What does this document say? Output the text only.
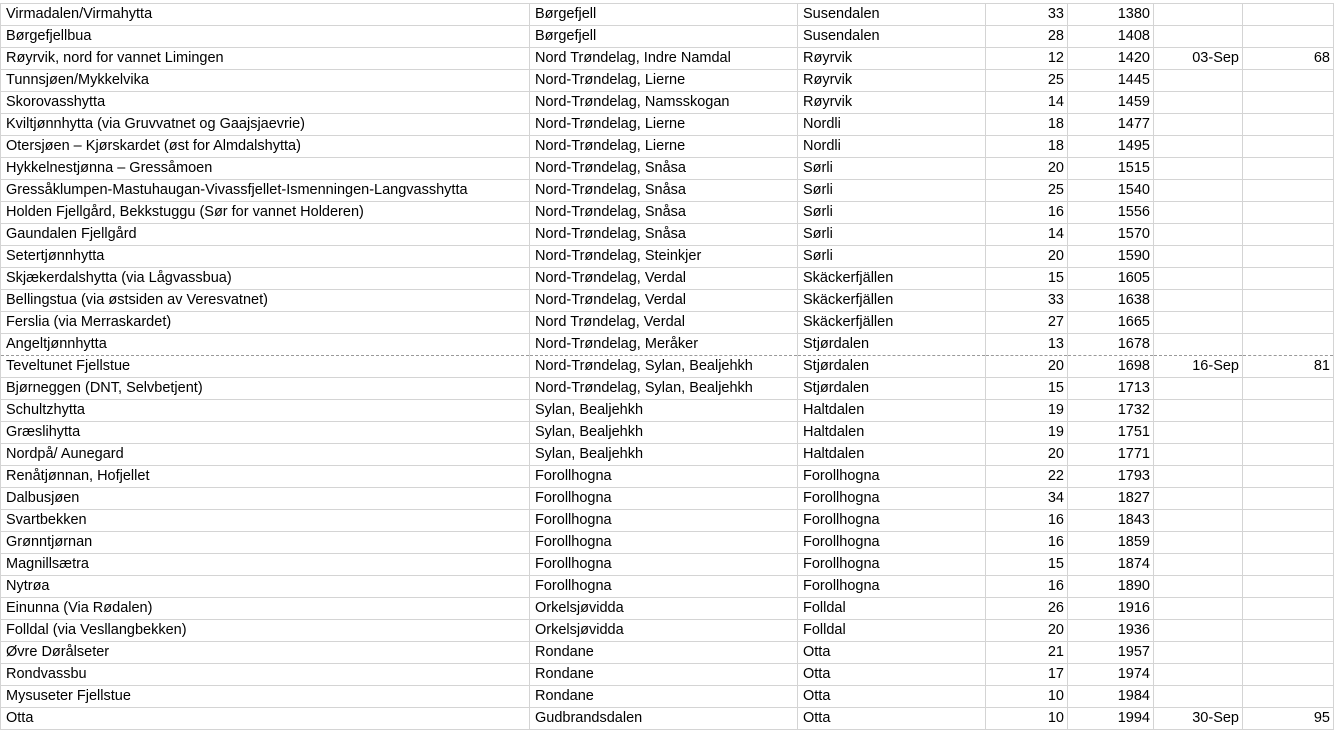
Virmadalen/Virmahytta	Børgefjell	Susendalen	33	1380		
Børgefjellbua	Børgefjell	Susendalen	28	1408		
Røyrvik, nord for vannet Limingen	Nord Trøndelag, Indre Namdal	Røyrvik	12	1420	03-Sep	68
Tunnsjøen/Mykkelvika	Nord-Trøndelag, Lierne	Røyrvik	25	1445		
Skorovasshytta	Nord-Trøndelag, Namsskogan	Røyrvik	14	1459		
Kviltjønnhytta (via Gruvvatnet og Gaajsjaevrie)	Nord-Trøndelag, Lierne	Nordli	18	1477		
Otersjøen – Kjørskardet (øst for Almdalshytta)	Nord-Trøndelag, Lierne	Nordli	18	1495		
Hykkelnestjønna – Gressåmoen	Nord-Trøndelag, Snåsa	Sørli	20	1515		
Gressåklumpen-Mastuhaugan-Vivassfjellet-Ismenningen-Langvasshytta	Nord-Trøndelag, Snåsa	Sørli	25	1540		
Holden Fjellgård, Bekkstuggu (Sør for vannet Holderen)	Nord-Trøndelag, Snåsa	Sørli	16	1556		
Gaundalen Fjellgård	Nord-Trøndelag, Snåsa	Sørli	14	1570		
Setertjønnhytta	Nord-Trøndelag, Steinkjer	Sørli	20	1590		
Skjækerdalshytta (via Lågvassbua)	Nord-Trøndelag, Verdal	Skäckerfjällen	15	1605		
Bellingstua (via østsiden av Veresvatnet)	Nord-Trøndelag, Verdal	Skäckerfjällen	33	1638		
Ferslia (via Merraskardet)	Nord Trøndelag, Verdal	Skäckerfjällen	27	1665		
Angeltjønnhytta	Nord-Trøndelag, Meråker	Stjørdalen	13	1678		
Teveltunet Fjellstue	Nord-Trøndelag, Sylan, Bealjehkh	Stjørdalen	20	1698	16-Sep	81
Bjørneggen (DNT, Selvbetjent)	Nord-Trøndelag, Sylan, Bealjehkh	Stjørdalen	15	1713		
Schultzhytta	Sylan, Bealjehkh	Haltdalen	19	1732		
Græslihytta	Sylan, Bealjehkh	Haltdalen	19	1751		
Nordpå/ Aunegard	Sylan, Bealjehkh	Haltdalen	20	1771		
Renåtjønnan, Hofjellet	Forollhogna	Forollhogna	22	1793		
Dalbusjøen	Forollhogna	Forollhogna	34	1827		
Svartbekken	Forollhogna	Forollhogna	16	1843		
Grønntjørnan	Forollhogna	Forollhogna	16	1859		
Magnillsætra	Forollhogna	Forollhogna	15	1874		
Nytrøa	Forollhogna	Forollhogna	16	1890		
Einunna (Via Rødalen)	Orkelsjøvidda	Folldal	26	1916		
Folldal (via Vesllangbekken)	Orkelsjøvidda	Folldal	20	1936		
Øvre Dørålseter	Rondane	Otta	21	1957		
Rondvassbu	Rondane	Otta	17	1974		
Mysuseter Fjellstue	Rondane	Otta	10	1984		
Otta	Gudbrandsdalen	Otta	10	1994	30-Sep	95
